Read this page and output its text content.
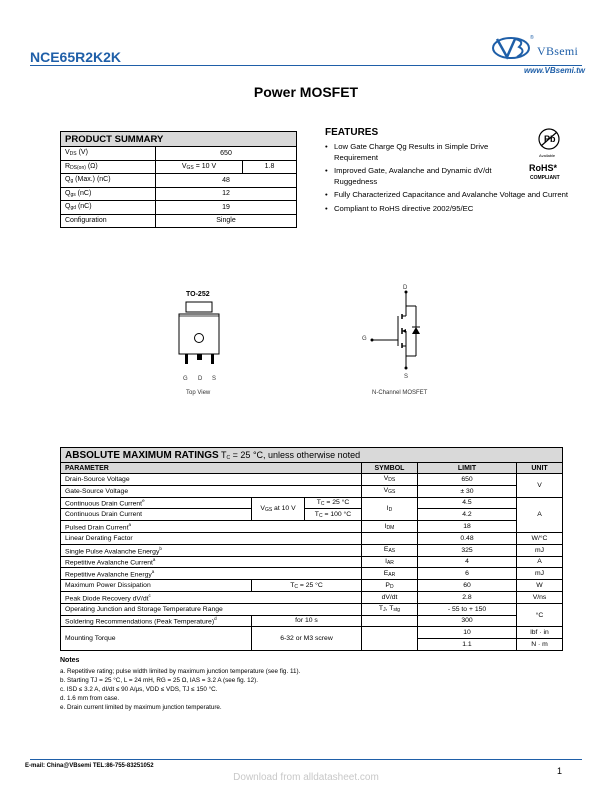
NCE65R2K2K
®
VBsemi
www.VBsemi.tw
Power MOSFET
PRODUCT SUMMARY		
$V_{DS}$ (V)	650	
$R_{DS(on)}$ (Ω)	$V_{GS} = 10$ V	1.8
$Q_g$ (Max.) (nC)	48	
$Q_{gs}$ (nC)	12	
$Q_{gd}$ (nC)	19	
Configuration	Single	
FEATURES
• Low Gate Charge Qg Results in Simple Drive Requirement
• Improved Gate, Avalanche and Dynamic dV/dt Ruggedness
• Fully Characterized Capacitance and Avalanche Voltage and Current
• Compliant to RoHS directive 2002/95/EC
Pb
Available
RoHS*
COMPLIANT
TO-252
G D S
Top View
D
G
S
N-Channel MOSFET
ABSOLUTE MAXIMUM RATINGS $T_C = 25$ °C, unless otherwise noted					
PARAMETER			SYMBOL	LIMIT	UNIT
Drain-Source Voltage			$V_{DS}$	650	V
Gate-Source Voltage			$V_{GS}$	± 30	
Continuous Drain Current$^e$	$V_{GS}$ at 10 V	$T_C = 25$ °C	$I_D$	4.5	A
Continuous Drain Current		$T_C = 100$ °C		4.2	
Pulsed Drain Current$^a$			$I_{DM}$	18	
Linear Derating Factor				0.48	W/°C
Single Pulse Avalanche Energy$^b$			$E_{AS}$	325	mJ
Repetitive Avalanche Current$^a$			$I_{AR}$	4	A
Repetitive Avalanche Energy$^a$			$E_{AR}$	6	mJ
Maximum Power Dissipation	$T_C = 25$ °C		$P_D$	60	W
Peak Diode Recovery $dV/dt^c$			dV/dt	2.8	V/ns
Operating Junction and Storage Temperature Range			$T_J$, $T_{stg}$	- 55 to + 150	°C
Soldering Recommendations (Peak Temperature)$^d$	for 10 s			300	
Mounting Torque	6-32 or M3 screw			10	lbf · in
				1.1	N · m
Notes
a. Repetitive rating; pulse width limited by maximum junction temperature (see fig. 11).
b. Starting TJ = 25 °C, L = 24 mH, RG = 25 Ω, IAS = 3.2 A (see fig. 12).
c. ISD ≤ 3.2 A, dI/dt ≤ 90 A/μs, VDD ≤ VDS, TJ ≤ 150 °C.
d. 1.6 mm from case.
e. Drain current limited by maximum junction temperature.
E-mail: China@VBsemi TEL:86-755-83251052	1
Download from alldatasheet.com
